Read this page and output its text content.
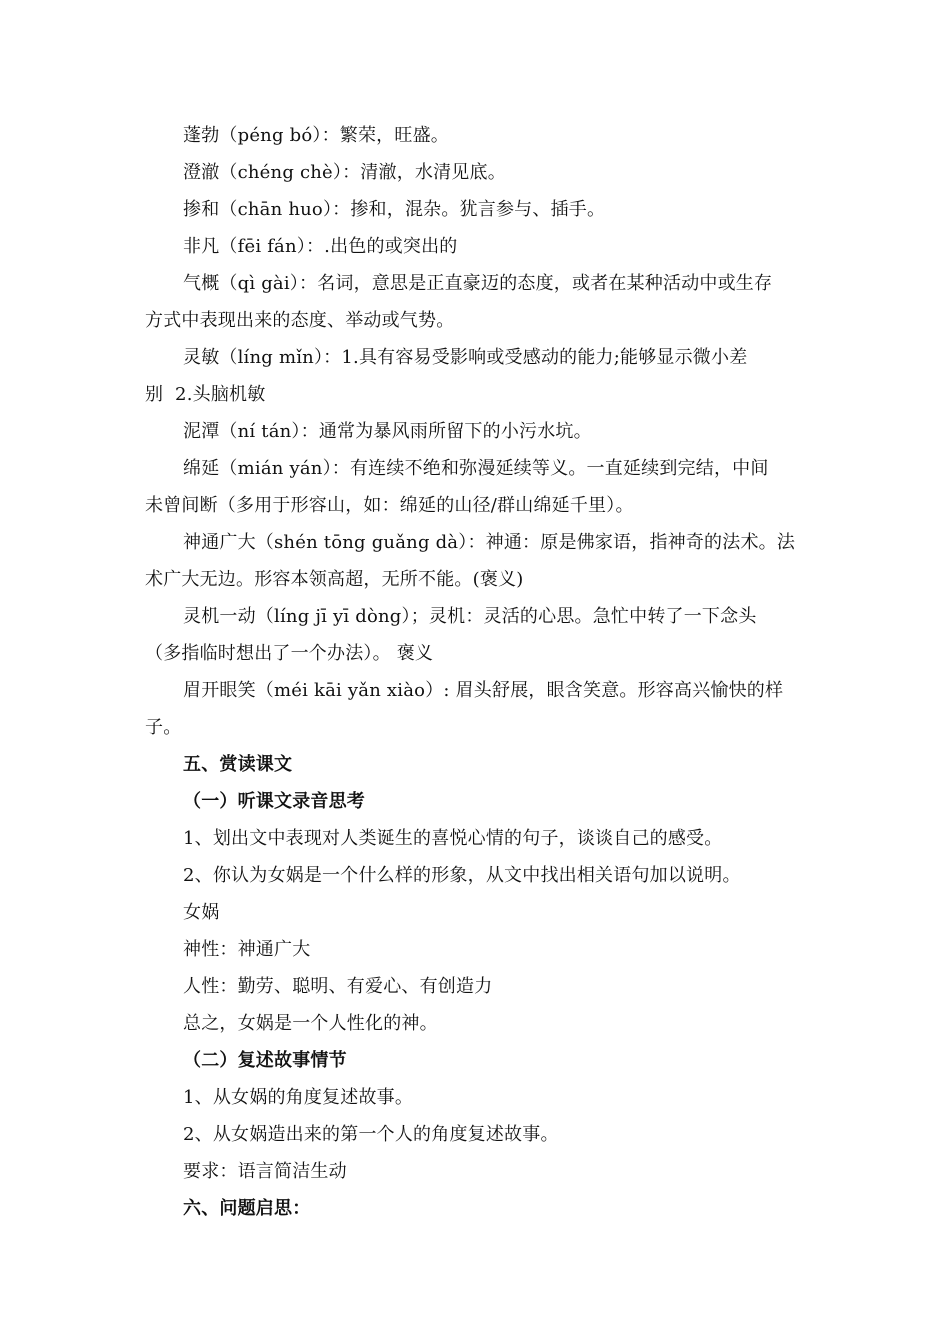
蓬勃（péng bó）：繁荣，旺盛。

澄澈（chéng chè）：清澈，水清见底。

掺和（chān huo）：掺和，混杂。犹言参与、插手。

非凡（fēi fán）：.出色的或突出的

气概（qì gài）：名词，意思是正直豪迈的态度，或者在某种活动中或生存

方式中表现出来的态度、举动或气势。

灵敏（líng mǐn）：1.具有容易受影响或受感动的能力;能够显示微小差

别  2.头脑机敏

泥潭（ní tán）：通常为暴风雨所留下的小污水坑。

绵延（mián yán）：有连续不绝和弥漫延续等义。一直延续到完结，中间

未曾间断（多用于形容山，如：绵延的山径/群山绵延千里）。

神通广大（shén tōng guǎng dà）：神通：原是佛家语，指神奇的法术。法

术广大无边。形容本领高超，无所不能。(褒义)

灵机一动（líng jī yī dòng）；灵机：灵活的心思。急忙中转了一下念头

（多指临时想出了一个办法）。 褒义

眉开眼笑（méi kāi yǎn xiào）: 眉头舒展，眼含笑意。形容高兴愉快的样

子。

五、赏读课文

（一）听课文录音思考

1、划出文中表现对人类诞生的喜悦心情的句子，谈谈自己的感受。

2、你认为女娲是一个什么样的形象，从文中找出相关语句加以说明。

女娲

神性：神通广大

人性：勤劳、聪明、有爱心、有创造力

总之，女娲是一个人性化的神。

（二）复述故事情节

1、从女娲的角度复述故事。

2、从女娲造出来的第一个人的角度复述故事。

要求：语言简洁生动

六、问题启思：
